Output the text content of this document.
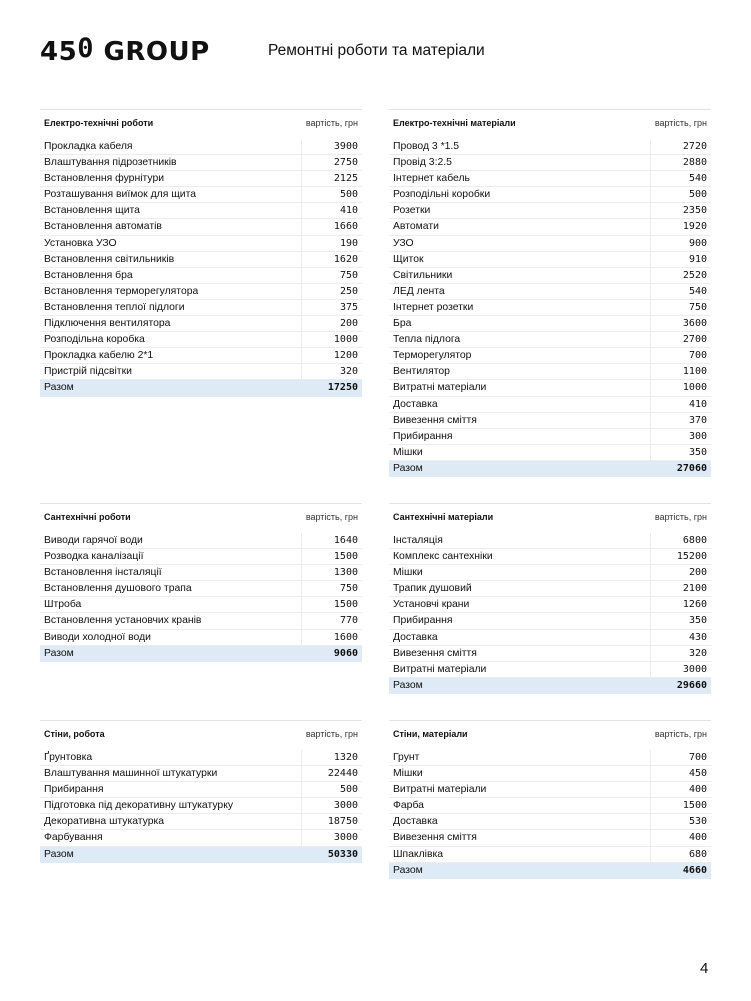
450 GROUP	Ремонтні роботи та матеріали
Електро-технічні роботи	вартість, грн
Прокладка кабеля	3900
Влаштування підрозетників	2750
Встановлення фурнітури	2125
Розташування виїмок для щита	500
Встановлення щита	410
Встановлення автоматів	1660
Установка УЗО	190
Встановлення світильників	1620
Встановлення бра	750
Встановлення терморегулятора	250
Встановлення теплої підлоги	375
Підключення вентилятора	200
Розподільна коробка	1000
Прокладка кабелю 2*1	1200
Пристрій підсвітки	320
Разом	17250
Електро-технічні матеріали	вартість, грн
Провод 3 *1.5	2720
Провід 3:2.5	2880
Інтернет кабель	540
Розподільні коробки	500
Розетки	2350
Автомати	1920
УЗО	900
Щиток	910
Світильники	2520
ЛЕД лента	540
Інтернет розетки	750
Бра	3600
Тепла підлога	2700
Терморегулятор	700
Вентилятор	1100
Витратні матеріали	1000
Доставка	410
Вивезення сміття	370
Прибирання	300
Мішки	350
Разом	27060
Сантехнічні роботи	вартість, грн
Виводи гарячої води	1640
Розводка каналізації	1500
Встановлення інсталяції	1300
Встановлення душового трапа	750
Штроба	1500
Встановлення установчих кранів	770
Виводи холодної води	1600
Разом	9060
Сантехнічні матеріали	вартість, грн
Інсталяція	6800
Комплекс сантехніки	15200
Мішки	200
Трапик душовий	2100
Установчі крани	1260
Прибирання	350
Доставка	430
Вивезення сміття	320
Витратні матеріали	3000
Разом	29660
Стіни, робота	вартість, грн
Ґрунтовка	1320
Влаштування машинної штукатурки	22440
Прибирання	500
Підготовка під декоративну штукатурку	3000
Декоративна штукатурка	18750
Фарбування	3000
Разом	50330
Стіни, матеріали	вартість, грн
Грунт	700
Мішки	450
Витратні матеріали	400
Фарба	1500
Доставка	530
Вивезення сміття	400
Шпаклівка	680
Разом	4660
4
